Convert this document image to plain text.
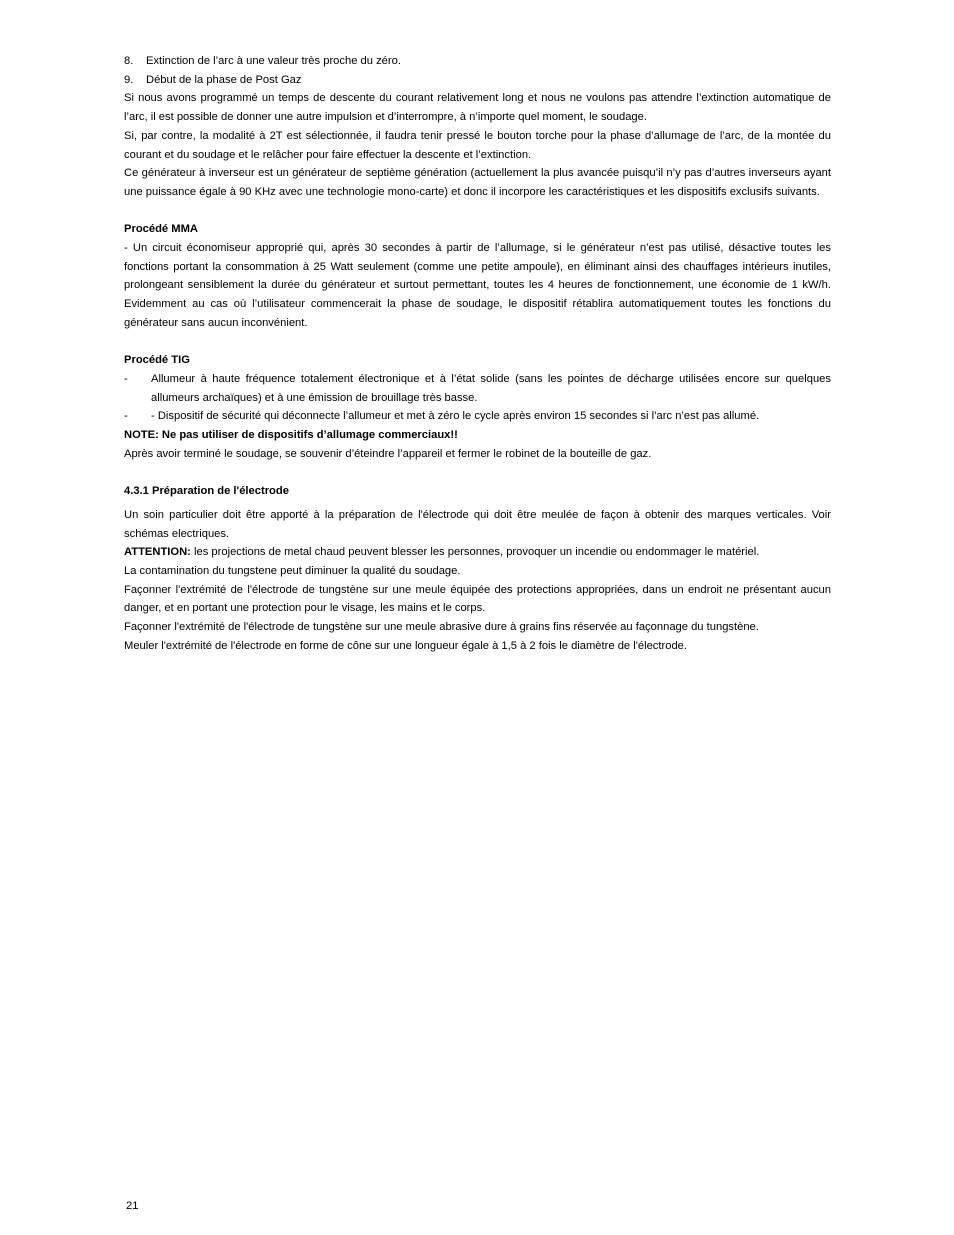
8.	Extinction de l’arc à une valeur très proche du zéro.
9.	Début de la phase de Post Gaz

Si nous avons programmé un temps de descente du courant relativement long et nous ne voulons pas attendre l’extinction automatique de l’arc, il est possible de donner une autre impulsion et d’interrompre, à n’importe quel moment, le soudage.

Si, par contre, la modalité à 2T est sélectionnée, il faudra tenir pressé le bouton torche pour la phase d’allumage de l’arc, de la montée du courant et du soudage et le relâcher pour faire effectuer la descente et l’extinction.

Ce générateur à inverseur est un générateur de septième génération (actuellement la plus avancée puisqu’il n’y pas d’autres inverseurs ayant une puissance égale à 90 KHz avec une technologie mono-carte) et donc il incorpore les caractéristiques et les dispositifs exclusifs suivants.

Procédé MMA

- Un circuit économiseur approprié qui, après 30 secondes à partir de l’allumage, si le générateur n’est pas utilisé, désactive toutes les fonctions portant la consommation à 25 Watt seulement (comme une petite ampoule), en éliminant ainsi des chauffages intérieurs inutiles, prolongeant sensiblement la durée du générateur et surtout permettant, toutes les 4 heures de fonctionnement, une économie de 1 kW/h. Evidemment au cas où l’utilisateur commencerait la phase de soudage, le dispositif rétablira automatiquement toutes les fonctions du générateur sans aucun inconvénient.

Procédé TIG

-	Allumeur à haute fréquence totalement électronique et à l’état solide (sans les pointes de décharge utilisées encore sur quelques allumeurs archaïques) et à une émission de brouillage très basse.
-	- Dispositif de sécurité qui déconnecte l’allumeur et met à zéro le cycle après environ 15 secondes si l’arc n’est pas allumé.

NOTE: Ne pas utiliser de dispositifs d’allumage commerciaux!!

Après avoir terminé le soudage, se souvenir d’éteindre l’appareil et fermer le robinet de la bouteille de gaz.

4.3.1 Préparation de l'électrode

Un soin particulier doit être apporté à la préparation de l'électrode qui doit être meulée de façon à obtenir des marques verticales. Voir schémas electriques.

ATTENTION: les projections de metal chaud peuvent blesser les personnes, provoquer un incendie ou endommager le matériel.

La contamination du tungstene peut diminuer la qualité du soudage.

Façonner l'extrémité de l'électrode de tungstène sur une meule équipée des protections appropriées, dans un endroit ne présentant aucun danger, et en portant une protection pour le visage, les mains et le corps.

Façonner l'extrémité de l'électrode de tungstène sur une meule abrasive dure à grains fins réservée au façonnage du tungstène.

Meuler l'extrémité de l'électrode en forme de cône sur une longueur égale à 1,5 à 2 fois le diamètre de l'électrode.

21
